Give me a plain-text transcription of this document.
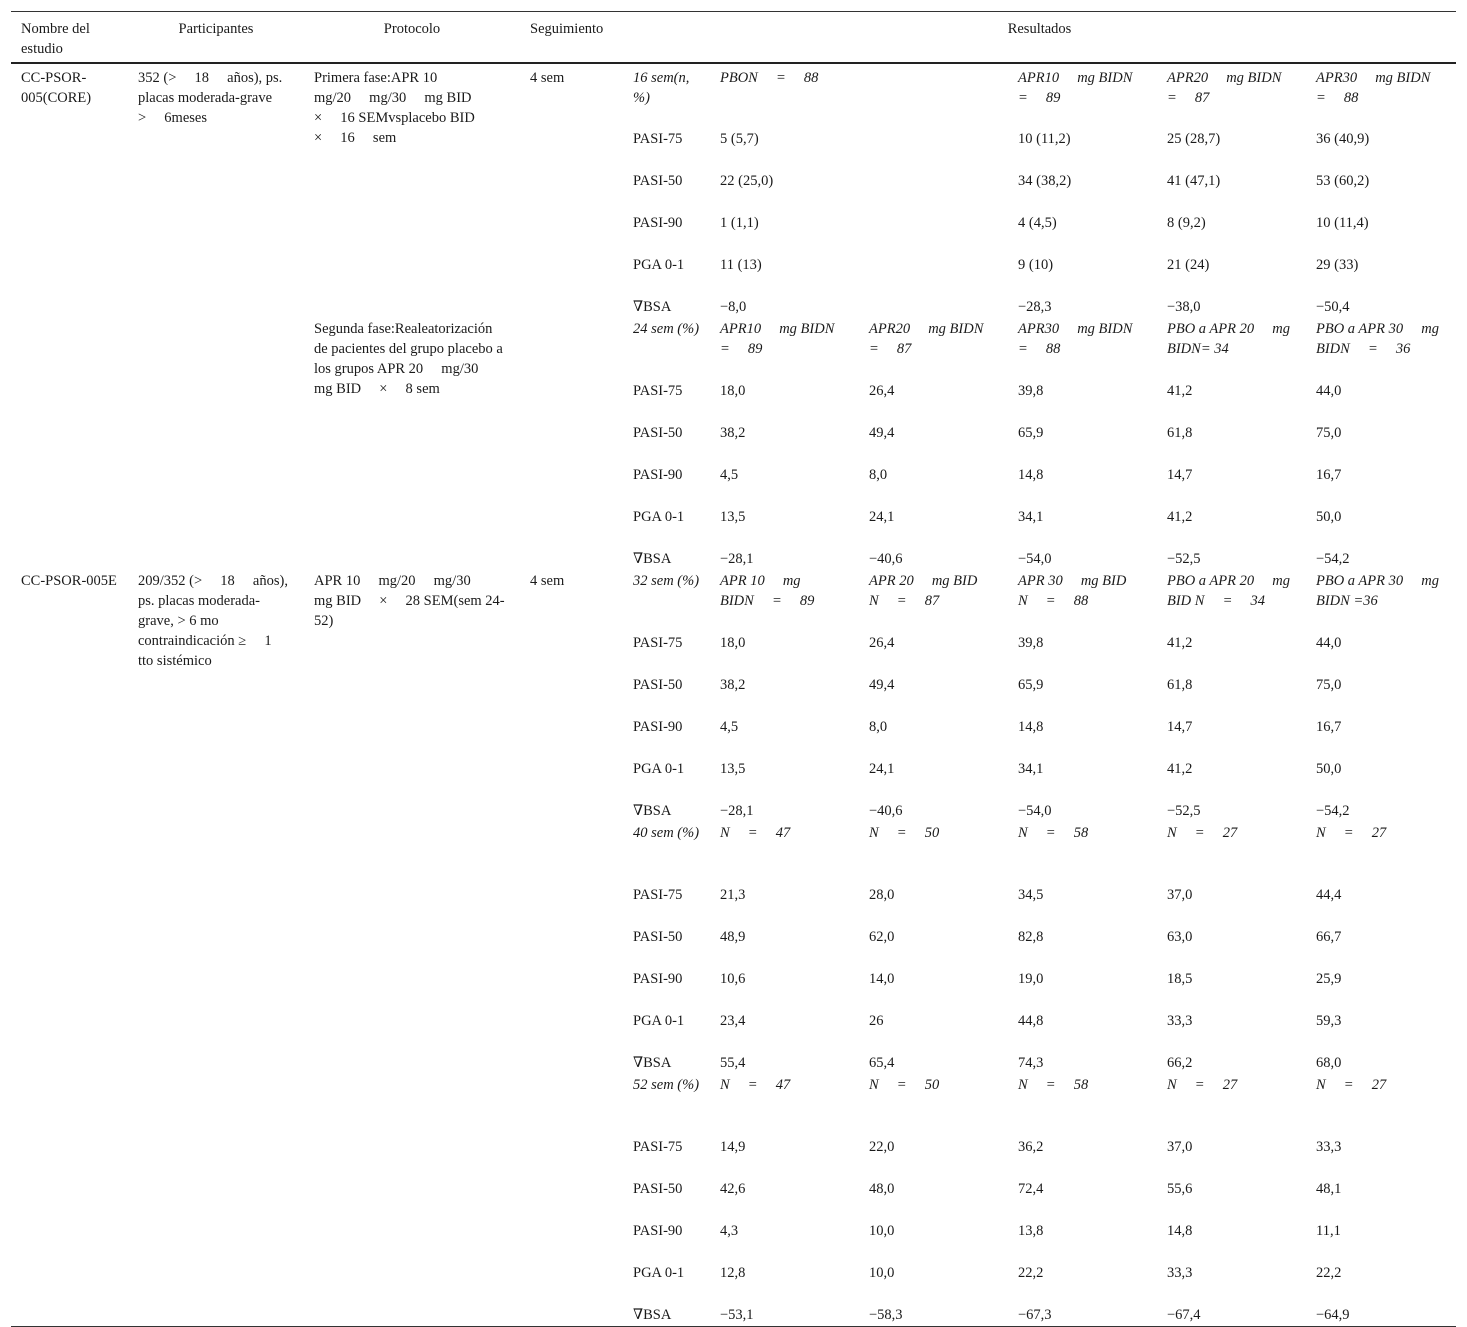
Nombre del estudio	Participantes	Protocolo	Seguimiento	Resultados					
CC-PSOR-005(CORE)	352 (>  18  años), ps. placas moderada-grave  >  6meses	Primera fase:APR 10  mg/20  mg/30  mg BID  ×  16 SEMvsplacebo BID  ×  16  sem	4 sem	16 sem(n, %)	PBON  =  88		APR10  mg BIDN  =  89	APR20  mg BIDN  =  87	APR30  mg BIDN  =  88
				PASI-75	5 (5,7)		10 (11,2)	25 (28,7)	36 (40,9)
				PASI-50	22 (25,0)		34 (38,2)	41 (47,1)	53 (60,2)
				PASI-90	1 (1,1)		4 (4,5)	8 (9,2)	10 (11,4)
				PGA 0-1	11 (13)		9 (10)	21 (24)	29 (33)
				∇BSA	−8,0		−28,3	−38,0	−50,4
		Segunda fase:Realeatorización de pacientes del grupo placebo a los grupos APR 20  mg/30  mg BID  ×  8 sem		24 sem (%)	APR10  mg BIDN  =  89	APR20  mg BIDN  =  87	APR30  mg BIDN  =  88	PBO a APR 20  mg BIDN= 34	PBO a APR 30  mg BIDN  =  36
				PASI-75	18,0	26,4	39,8	41,2	44,0
				PASI-50	38,2	49,4	65,9	61,8	75,0
				PASI-90	4,5	8,0	14,8	14,7	16,7
				PGA 0-1	13,5	24,1	34,1	41,2	50,0
				∇BSA	−28,1	−40,6	−54,0	−52,5	−54,2
CC-PSOR-005E	209/352 (>  18  años), ps. placas moderada-grave, > 6 mo contraindicación ≥  1 tto sistémico	APR 10  mg/20  mg/30  mg BID  ×  28 SEM(sem 24-52)	4 sem	32 sem (%)	APR 10  mg BIDN  =  89	APR 20  mg BID N  =  87	APR 30  mg BID N  =  88	PBO a APR 20  mg BID N  =  34	PBO a APR 30  mg BIDN =36
				PASI-75	18,0	26,4	39,8	41,2	44,0
				PASI-50	38,2	49,4	65,9	61,8	75,0
				PASI-90	4,5	8,0	14,8	14,7	16,7
				PGA 0-1	13,5	24,1	34,1	41,2	50,0
				∇BSA	−28,1	−40,6	−54,0	−52,5	−54,2
				40 sem (%)	N  =  47	N  =  50	N  =  58	N  =  27	N  =  27
				PASI-75	21,3	28,0	34,5	37,0	44,4
				PASI-50	48,9	62,0	82,8	63,0	66,7
				PASI-90	10,6	14,0	19,0	18,5	25,9
				PGA 0-1	23,4	26	44,8	33,3	59,3
				∇BSA	55,4	65,4	74,3	66,2	68,0
				52 sem (%)	N  =  47	N  =  50	N  =  58	N  =  27	N  =  27
				PASI-75	14,9	22,0	36,2	37,0	33,3
				PASI-50	42,6	48,0	72,4	55,6	48,1
				PASI-90	4,3	10,0	13,8	14,8	11,1
				PGA 0-1	12,8	10,0	22,2	33,3	22,2
				∇BSA	−53,1	−58,3	−67,3	−67,4	−64,9
